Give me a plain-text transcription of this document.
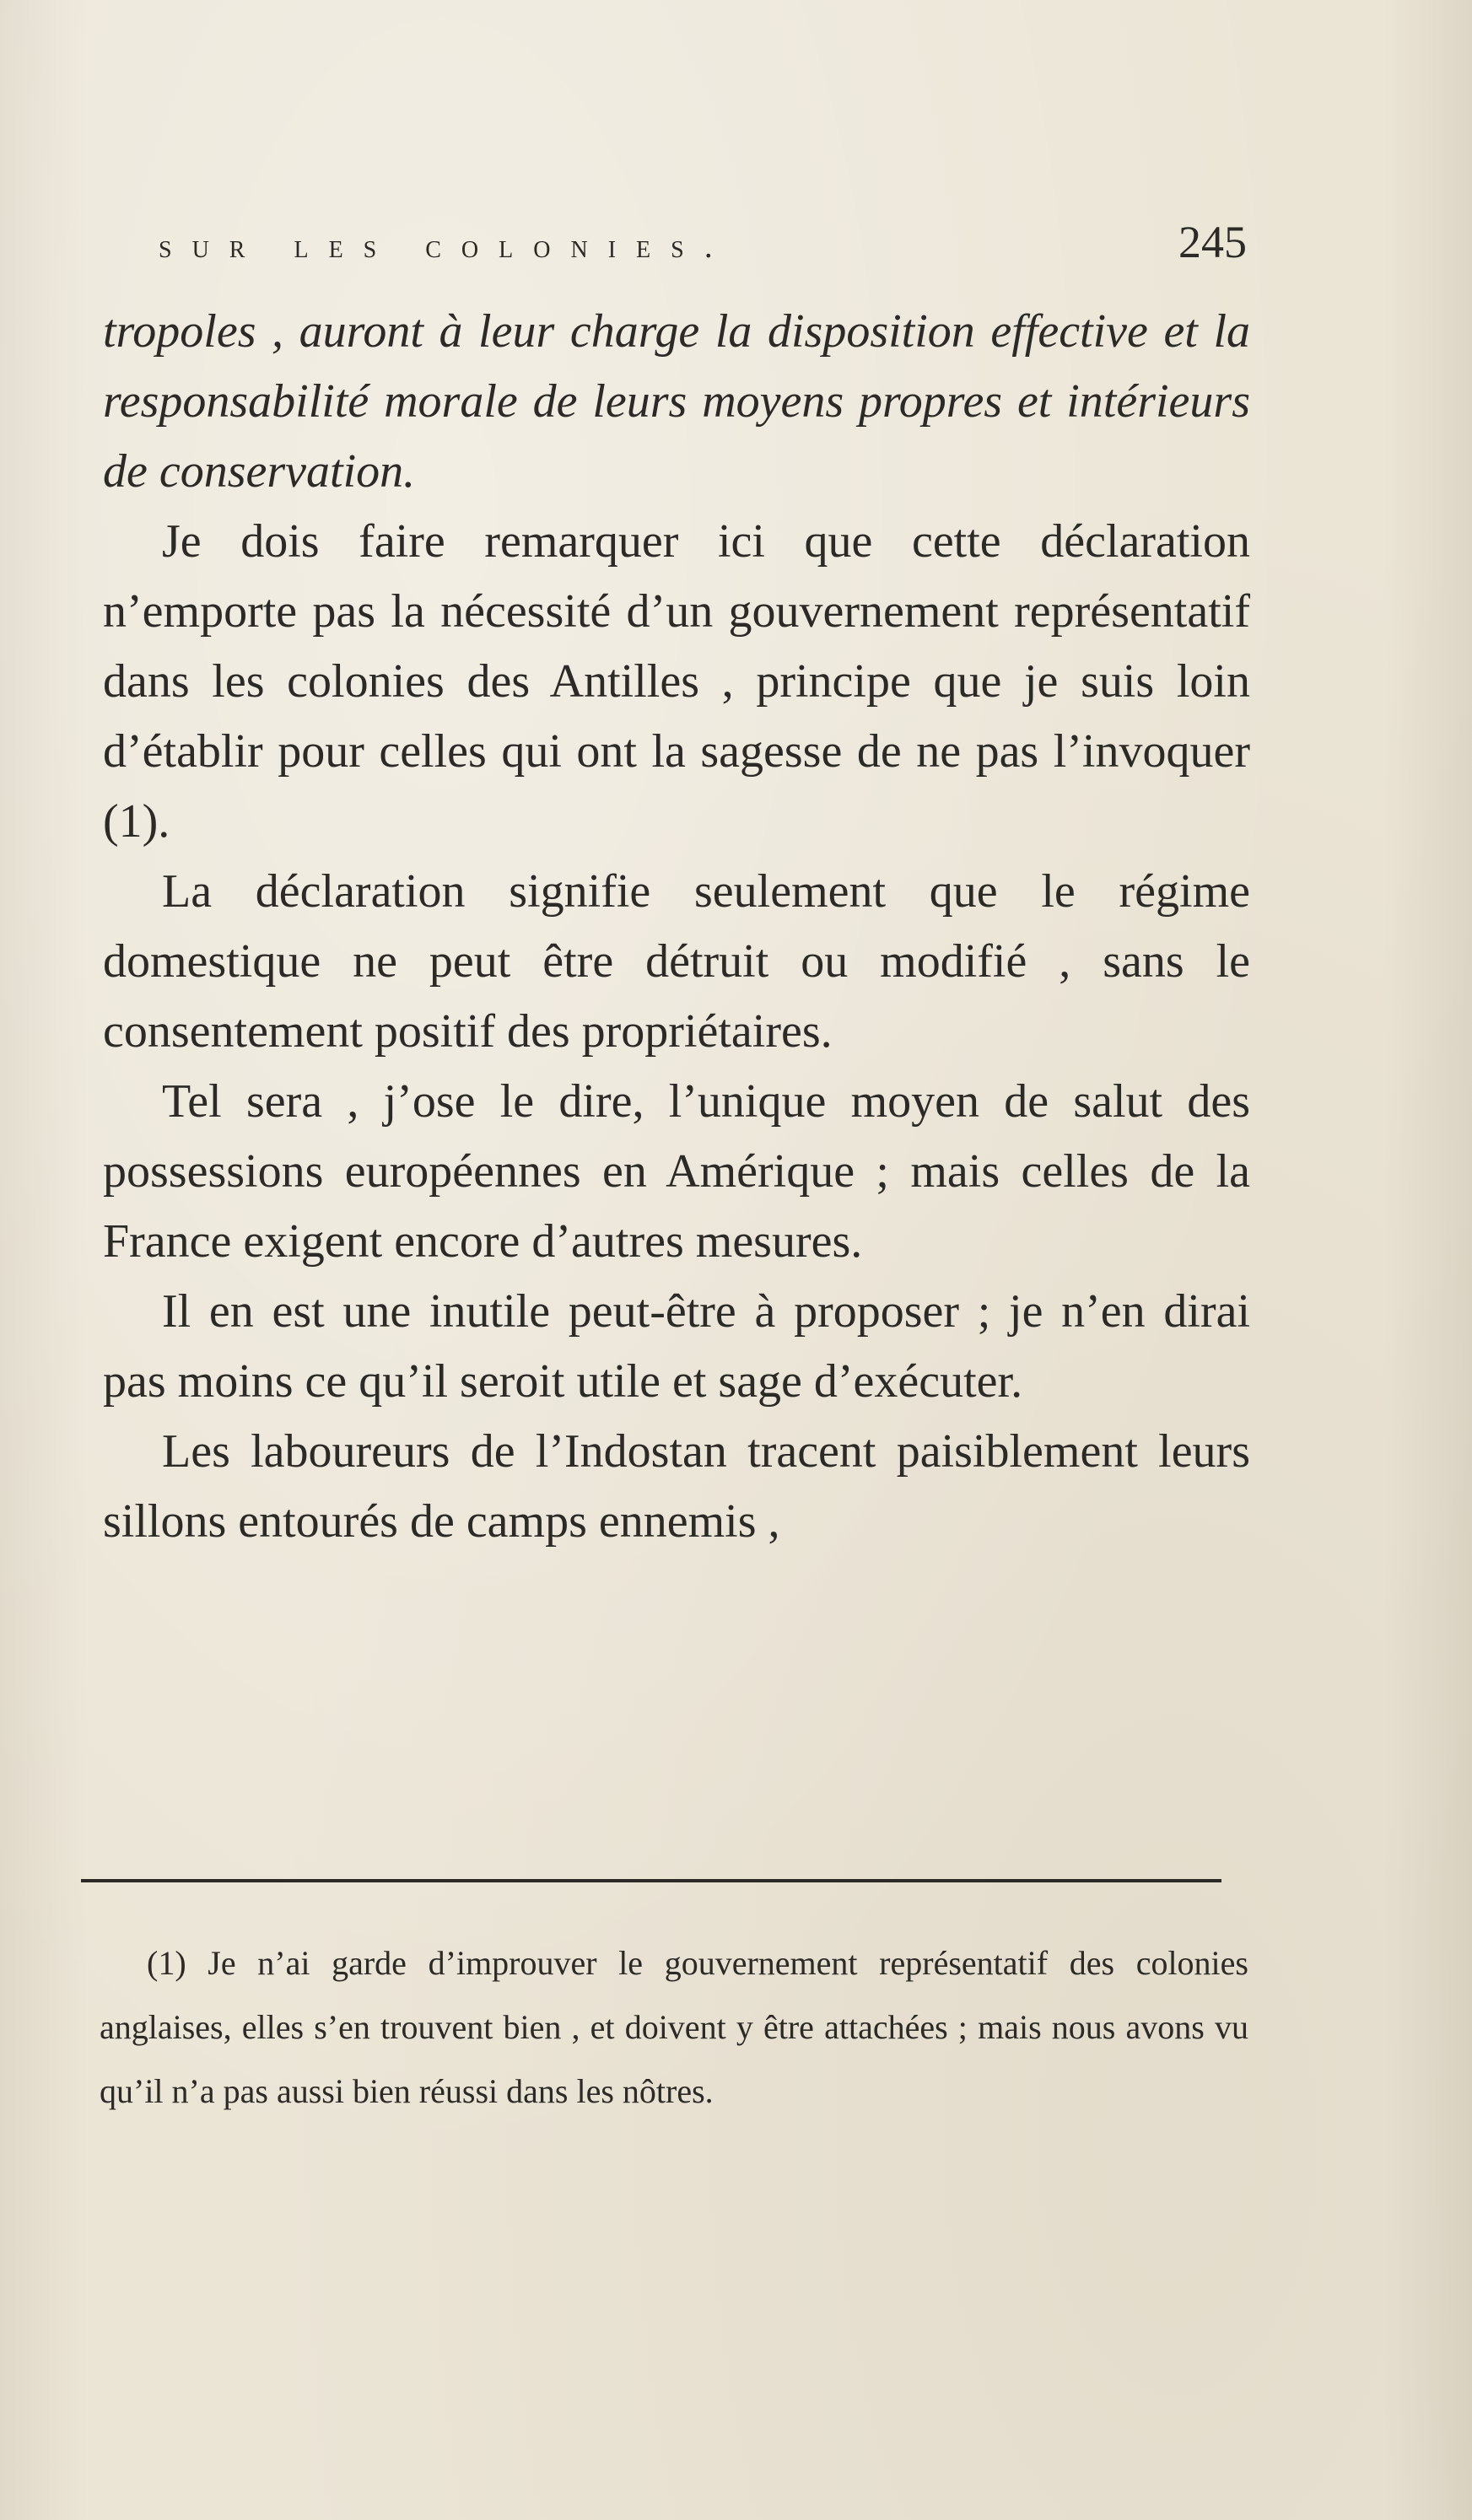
sur les colonies.	245

tropoles , auront à leur charge la disposition effective et la responsabilité morale de leurs moyens propres et intérieurs de conservation.

Je dois faire remarquer ici que cette déclaration n’emporte pas la nécessité d’un gouvernement représentatif dans les colonies des Antilles , principe que je suis loin d’établir pour celles qui ont la sagesse de ne pas l’invoquer (1).

La déclaration signifie seulement que le régime domestique ne peut être détruit ou modifié , sans le consentement positif des propriétaires.

Tel sera , j’ose le dire, l’unique moyen de salut des possessions européennes en Amérique ; mais celles de la France exigent encore d’autres mesures.

Il en est une inutile peut-être à proposer ; je n’en dirai pas moins ce qu’il seroit utile et sage d’exécuter.

Les laboureurs de l’Indostan tracent paisiblement leurs sillons entourés de camps ennemis ,

(1) Je n’ai garde d’improuver le gouvernement représentatif des colonies anglaises, elles s’en trouvent bien , et doivent y être attachées ; mais nous avons vu qu’il n’a pas aussi bien réussi dans les nôtres.
